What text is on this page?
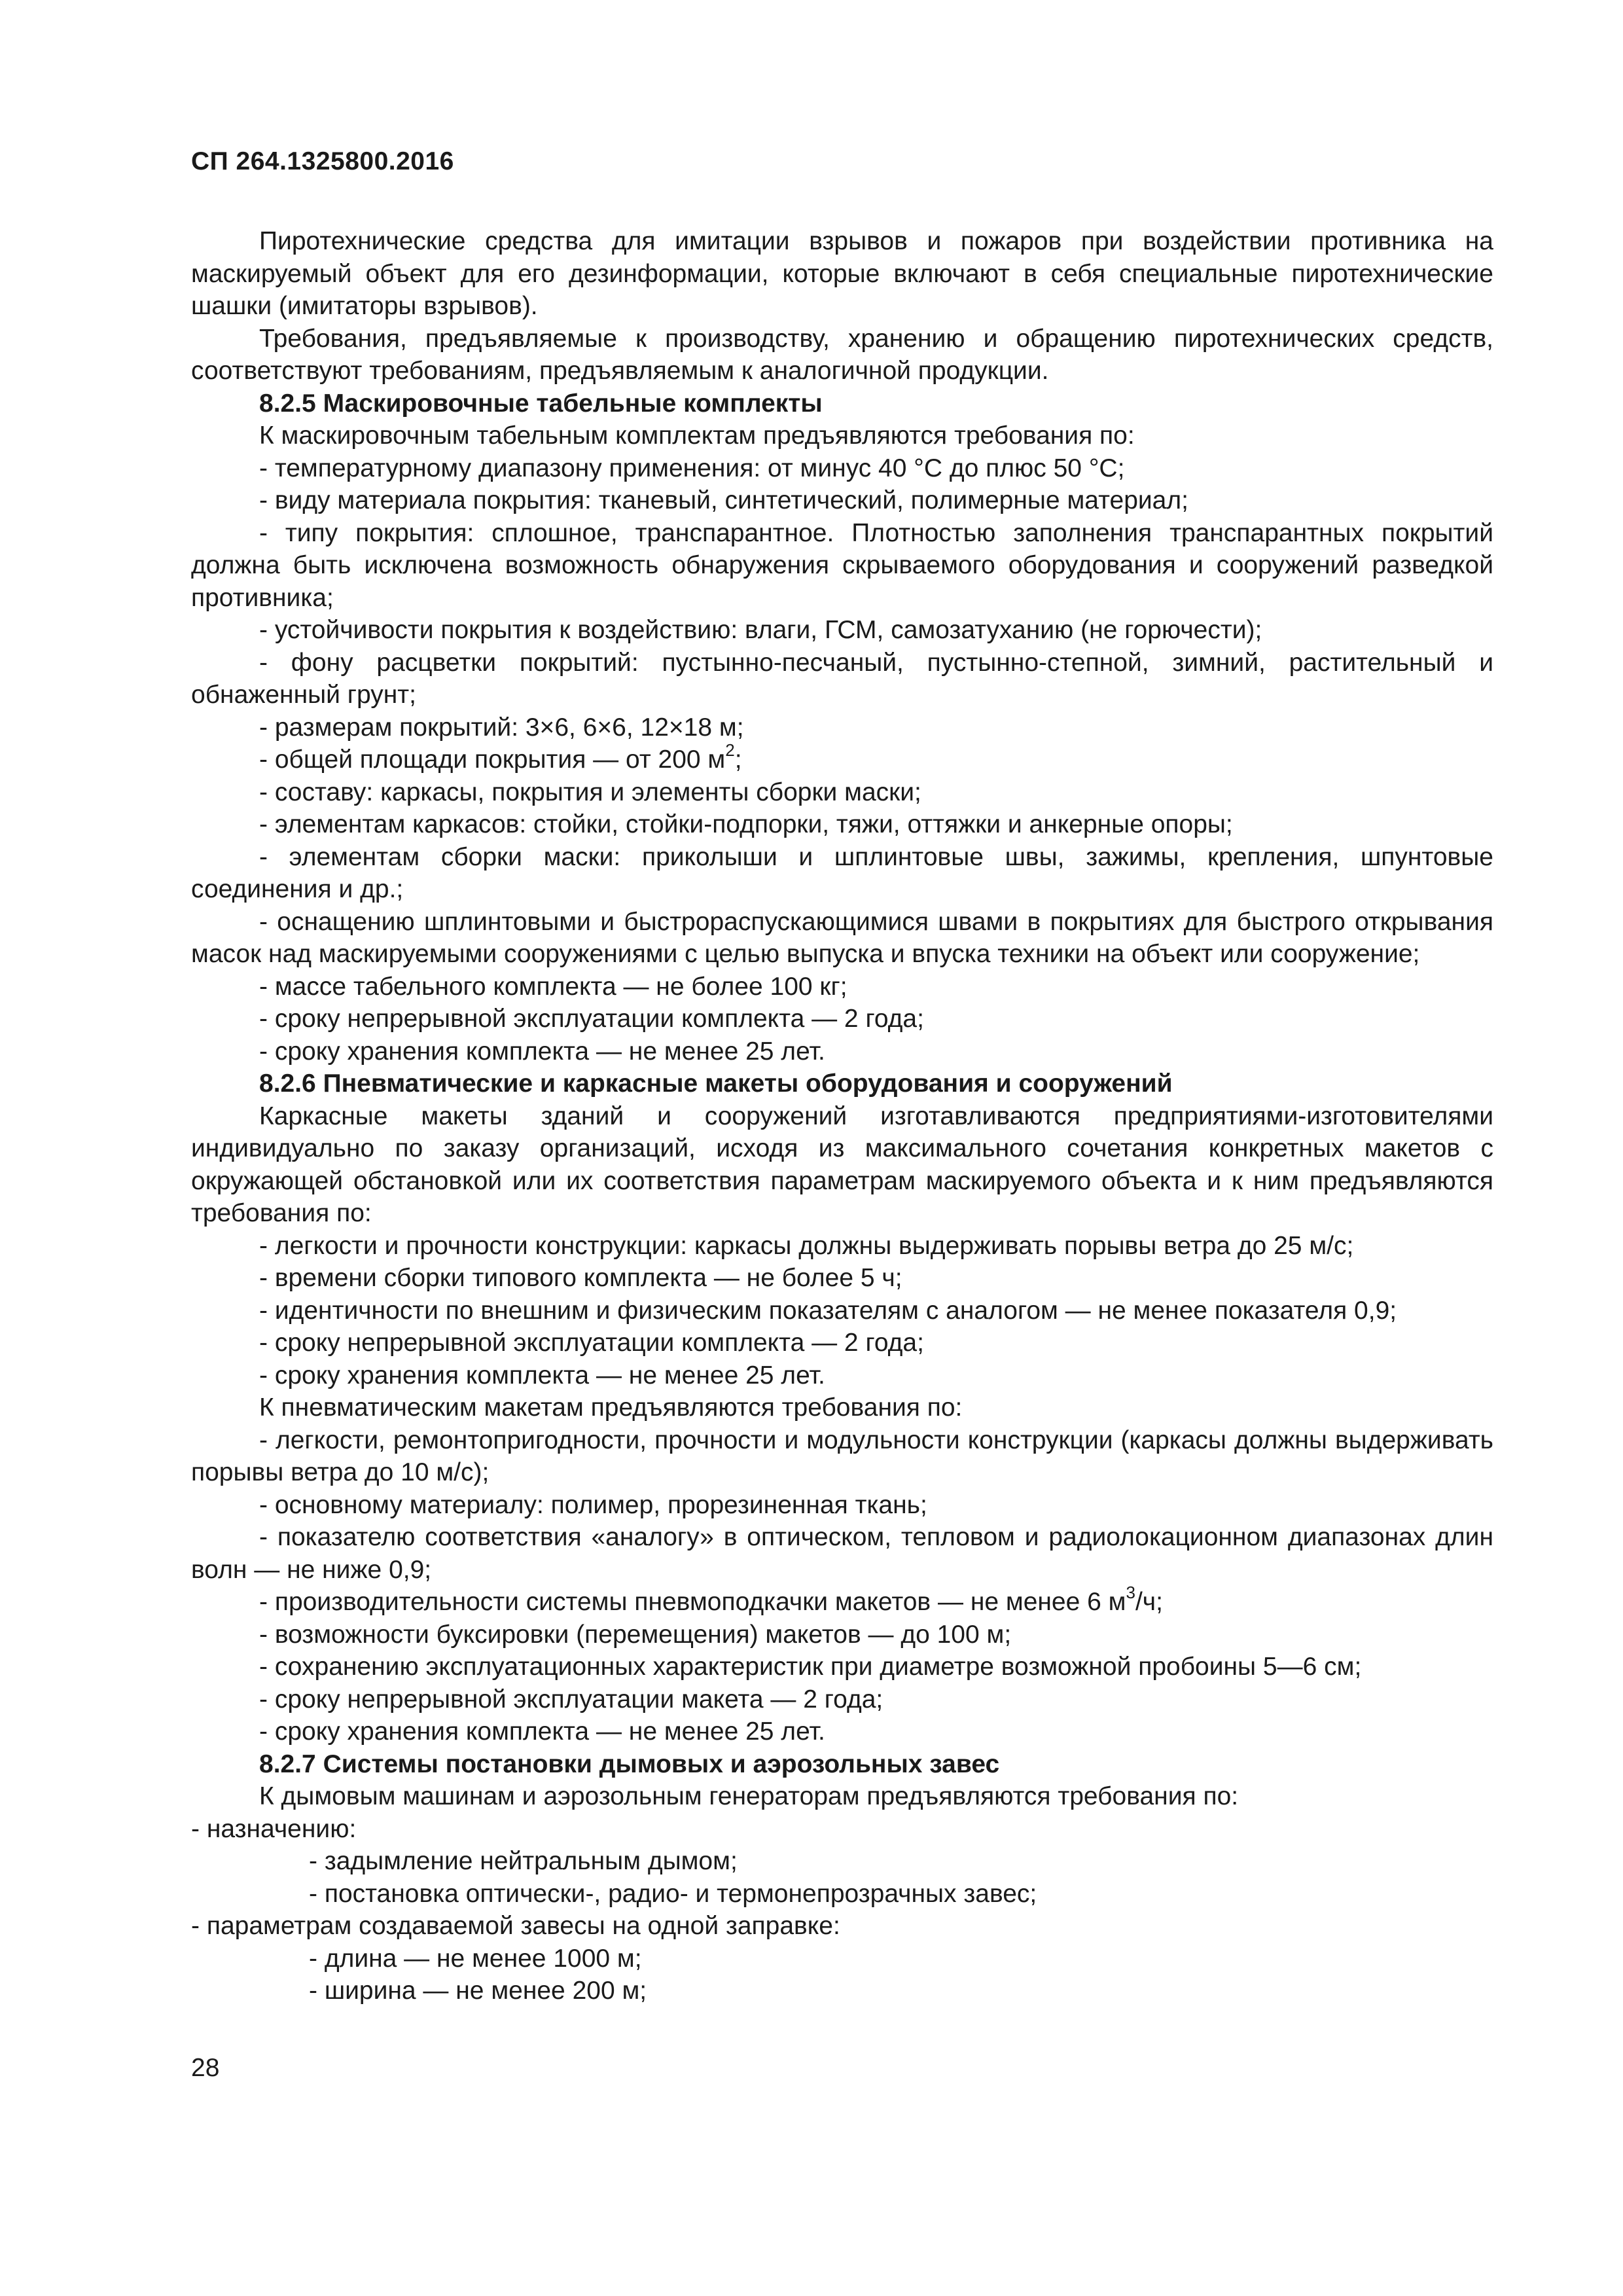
СП 264.1325800.2016

Пиротехнические средства для имитации взрывов и пожаров при воздействии противника на маскируемый объект для его дезинформации, которые включают в себя специальные пиротехнические шашки (имитаторы взрывов).

Требования, предъявляемые к производству, хранению и обращению пиротехнических средств, соответствуют требованиям, предъявляемым к аналогичной продукции.

8.2.5 Маскировочные табельные комплекты

К маскировочным табельным комплектам предъявляются требования по:

- температурному диапазону применения: от минус 40 °C до плюс 50 °C;

- виду материала покрытия: тканевый, синтетический, полимерные материал;

- типу покрытия: сплошное, транспарантное. Плотностью заполнения транспарантных покрытий должна быть исключена возможность обнаружения скрываемого оборудования и сооружений разведкой противника;

- устойчивости покрытия к воздействию: влаги, ГСМ, самозатуханию (не горючести);

- фону расцветки покрытий: пустынно-песчаный, пустынно-степной, зимний, растительный и обнаженный грунт;

- размерам покрытий: 3×6, 6×6, 12×18 м;

- общей площади покрытия — от 200 $м^2$;

- составу: каркасы, покрытия и элементы сборки маски;

- элементам каркасов: стойки, стойки-подпорки, тяжи, оттяжки и анкерные опоры;

- элементам сборки маски: приколыши и шплинтовые швы, зажимы, крепления, шпунтовые соединения и др.;

- оснащению шплинтовыми и быстрораспускающимися швами в покрытиях для быстрого открывания масок над маскируемыми сооружениями с целью выпуска и впуска техники на объект или сооружение;

- массе табельного комплекта — не более 100 кг;

- сроку непрерывной эксплуатации комплекта — 2 года;

- сроку хранения комплекта — не менее 25 лет.

8.2.6 Пневматические и каркасные макеты оборудования и сооружений

Каркасные макеты зданий и сооружений изготавливаются предприятиями-изготовителями индивидуально по заказу организаций, исходя из максимального сочетания конкретных макетов с окружающей обстановкой или их соответствия параметрам маскируемого объекта и к ним предъявляются требования по:

- легкости и прочности конструкции: каркасы должны выдерживать порывы ветра до 25 м/с;

- времени сборки типового комплекта — не более 5 ч;

- идентичности по внешним и физическим показателям с аналогом — не менее показателя 0,9;

- сроку непрерывной эксплуатации комплекта — 2 года;

- сроку хранения комплекта — не менее 25 лет.

К пневматическим макетам предъявляются требования по:

- легкости, ремонтопригодности, прочности и модульности конструкции (каркасы должны выдерживать порывы ветра до 10 м/с);

- основному материалу: полимер, прорезиненная ткань;

- показателю соответствия «аналогу» в оптическом, тепловом и радиолокационном диапазонах длин волн — не ниже 0,9;

- производительности системы пневмоподкачки макетов — не менее 6 $м^3/ч$;

- возможности буксировки (перемещения) макетов — до 100 м;

- сохранению эксплуатационных характеристик при диаметре возможной пробоины 5—6 см;

- сроку непрерывной эксплуатации макета — 2 года;

- сроку хранения комплекта — не менее 25 лет.

8.2.7 Системы постановки дымовых и аэрозольных завес

К дымовым машинам и аэрозольным генераторам предъявляются требования по:

- назначению:

- задымление нейтральным дымом;

- постановка оптически-, радио- и термонепрозрачных завес;

- параметрам создаваемой завесы на одной заправке:

- длина — не менее 1000 м;

- ширина — не менее 200 м;

28
